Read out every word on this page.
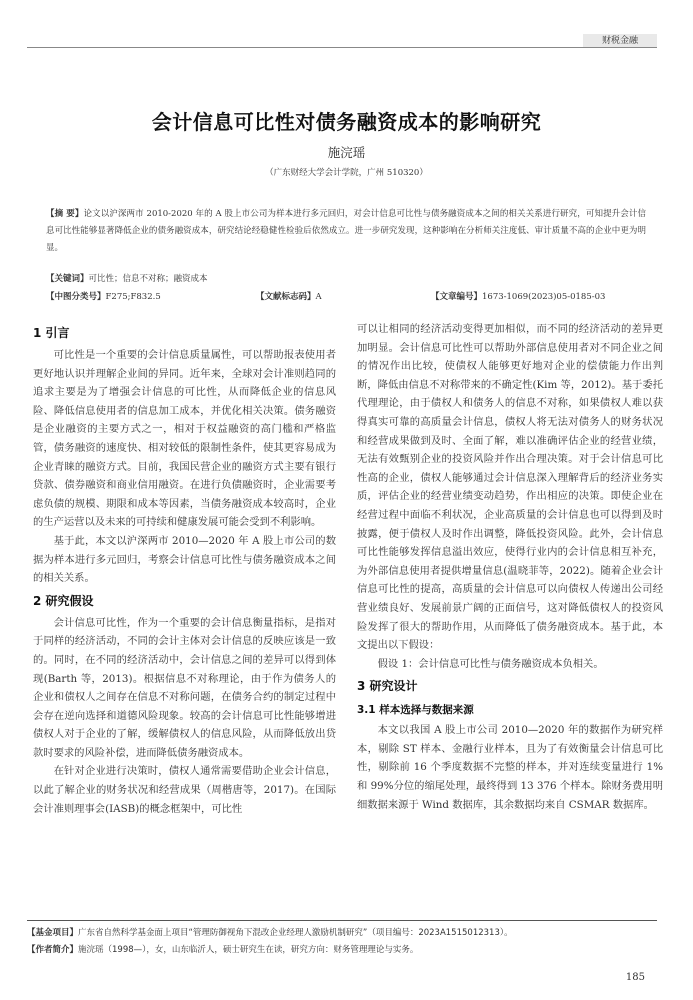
财税金融
会计信息可比性对债务融资成本的影响研究
施浣瑶
（广东财经大学会计学院，广州 510320）
【摘 要】论文以沪深两市 2010-2020 年的 A 股上市公司为样本进行多元回归，对会计信息可比性与债务融资成本之间的相关关系进行研究，可知提升会计信息可比性能够显著降低企业的债务融资成本，研究结论经稳健性检验后依然成立。进一步研究发现，这种影响在分析师关注度低、审计质量不高的企业中更为明显。
【关键词】可比性；信息不对称；融资成本
【中图分类号】F275;F832.5	【文献标志码】A	【文章编号】1673-1069(2023)05-0185-03
1 引言

可比性是一个重要的会计信息质量属性，可以帮助报表使用者更好地认识并理解企业间的异同。近年来，全球对会计准则趋同的追求主要是为了增强会计信息的可比性，从而降低企业的信息风险、降低信息使用者的信息加工成本，并优化相关决策。债务融资是企业融资的主要方式之一，相对于权益融资的高门槛和严格监管，债务融资的速度快、相对较低的限制性条件，使其更容易成为企业青睐的融资方式。目前，我国民营企业的融资方式主要有银行贷款、债券融资和商业信用融资。在进行负债融资时，企业需要考虑负债的规模、期限和成本等因素，当债务融资成本较高时，企业的生产运营以及未来的可持续和健康发展可能会受到不利影响。

基于此，本文以沪深两市 2010—2020 年 A 股上市公司的数据为样本进行多元回归，考察会计信息可比性与债务融资成本之间的相关关系。

2 研究假设

会计信息可比性，作为一个重要的会计信息衡量指标，是指对于同样的经济活动，不同的会计主体对会计信息的反映应该是一致的。同时，在不同的经济活动中，会计信息之间的差异可以得到体现(Barth 等，2013)。根据信息不对称理论，由于作为债务人的企业和债权人之间存在信息不对称问题，在债务合约的制定过程中会存在逆向选择和道德风险现象。较高的会计信息可比性能够增进债权人对于企业的了解，缓解债权人的信息风险，从而降低放出贷款时要求的风险补偿，进而降低债务融资成本。

在针对企业进行决策时，债权人通常需要借助企业会计信息，以此了解企业的财务状况和经营成果（周楷唐等，2017)。在国际会计准则理事会(IASB)的概念框架中，可比性

可以让相同的经济活动变得更加相似，而不同的经济活动的差异更加明显。会计信息可比性可以帮助外部信息使用者对不同企业之间的情况作出比较，使债权人能够更好地对企业的偿债能力作出判断，降低由信息不对称带来的不确定性(Kim 等，2012)。基于委托代理理论，由于债权人和债务人的信息不对称，如果债权人难以获得真实可靠的高质量会计信息，债权人将无法对债务人的财务状况和经营成果做到及时、全面了解，难以准确评估企业的经营业绩，无法有效甄别企业的投资风险并作出合理决策。对于会计信息可比性高的企业，债权人能够通过会计信息深入理解背后的经济业务实质，评估企业的经营业绩变动趋势，作出相应的决策。即使企业在经营过程中面临不利状况，企业高质量的会计信息也可以得到及时披露，便于债权人及时作出调整，降低投资风险。此外，会计信息可比性能够发挥信息溢出效应，使得行业内的会计信息相互补充，为外部信息使用者提供增量信息(温晓菲等，2022)。随着企业会计信息可比性的提高，高质量的会计信息可以向债权人传递出公司经营业绩良好、发展前景广阔的正面信号，这对降低债权人的投资风险发挥了很大的帮助作用，从而降低了债务融资成本。基于此，本文提出以下假设：

假设 1：会计信息可比性与债务融资成本负相关。

3 研究设计
3.1 样本选择与数据来源

本文以我国 A 股上市公司 2010—2020 年的数据作为研究样本，剔除 ST 样本、金融行业样本，且为了有效衡量会计信息可比性，剔除前 16 个季度数据不完整的样本，并对连续变量进行 1%和 99%分位的缩尾处理，最终得到 13 376 个样本。除财务费用明细数据来源于 Wind 数据库，其余数据均来自 CSMAR 数据库。

【基金项目】广东省自然科学基金面上项目“管理防御视角下混改企业经理人激励机制研究”（项目编号：2023A1515012313）。
【作者简介】施浣瑶（1998—），女，山东临沂人，硕士研究生在读，研究方向：财务管理理论与实务。
185
